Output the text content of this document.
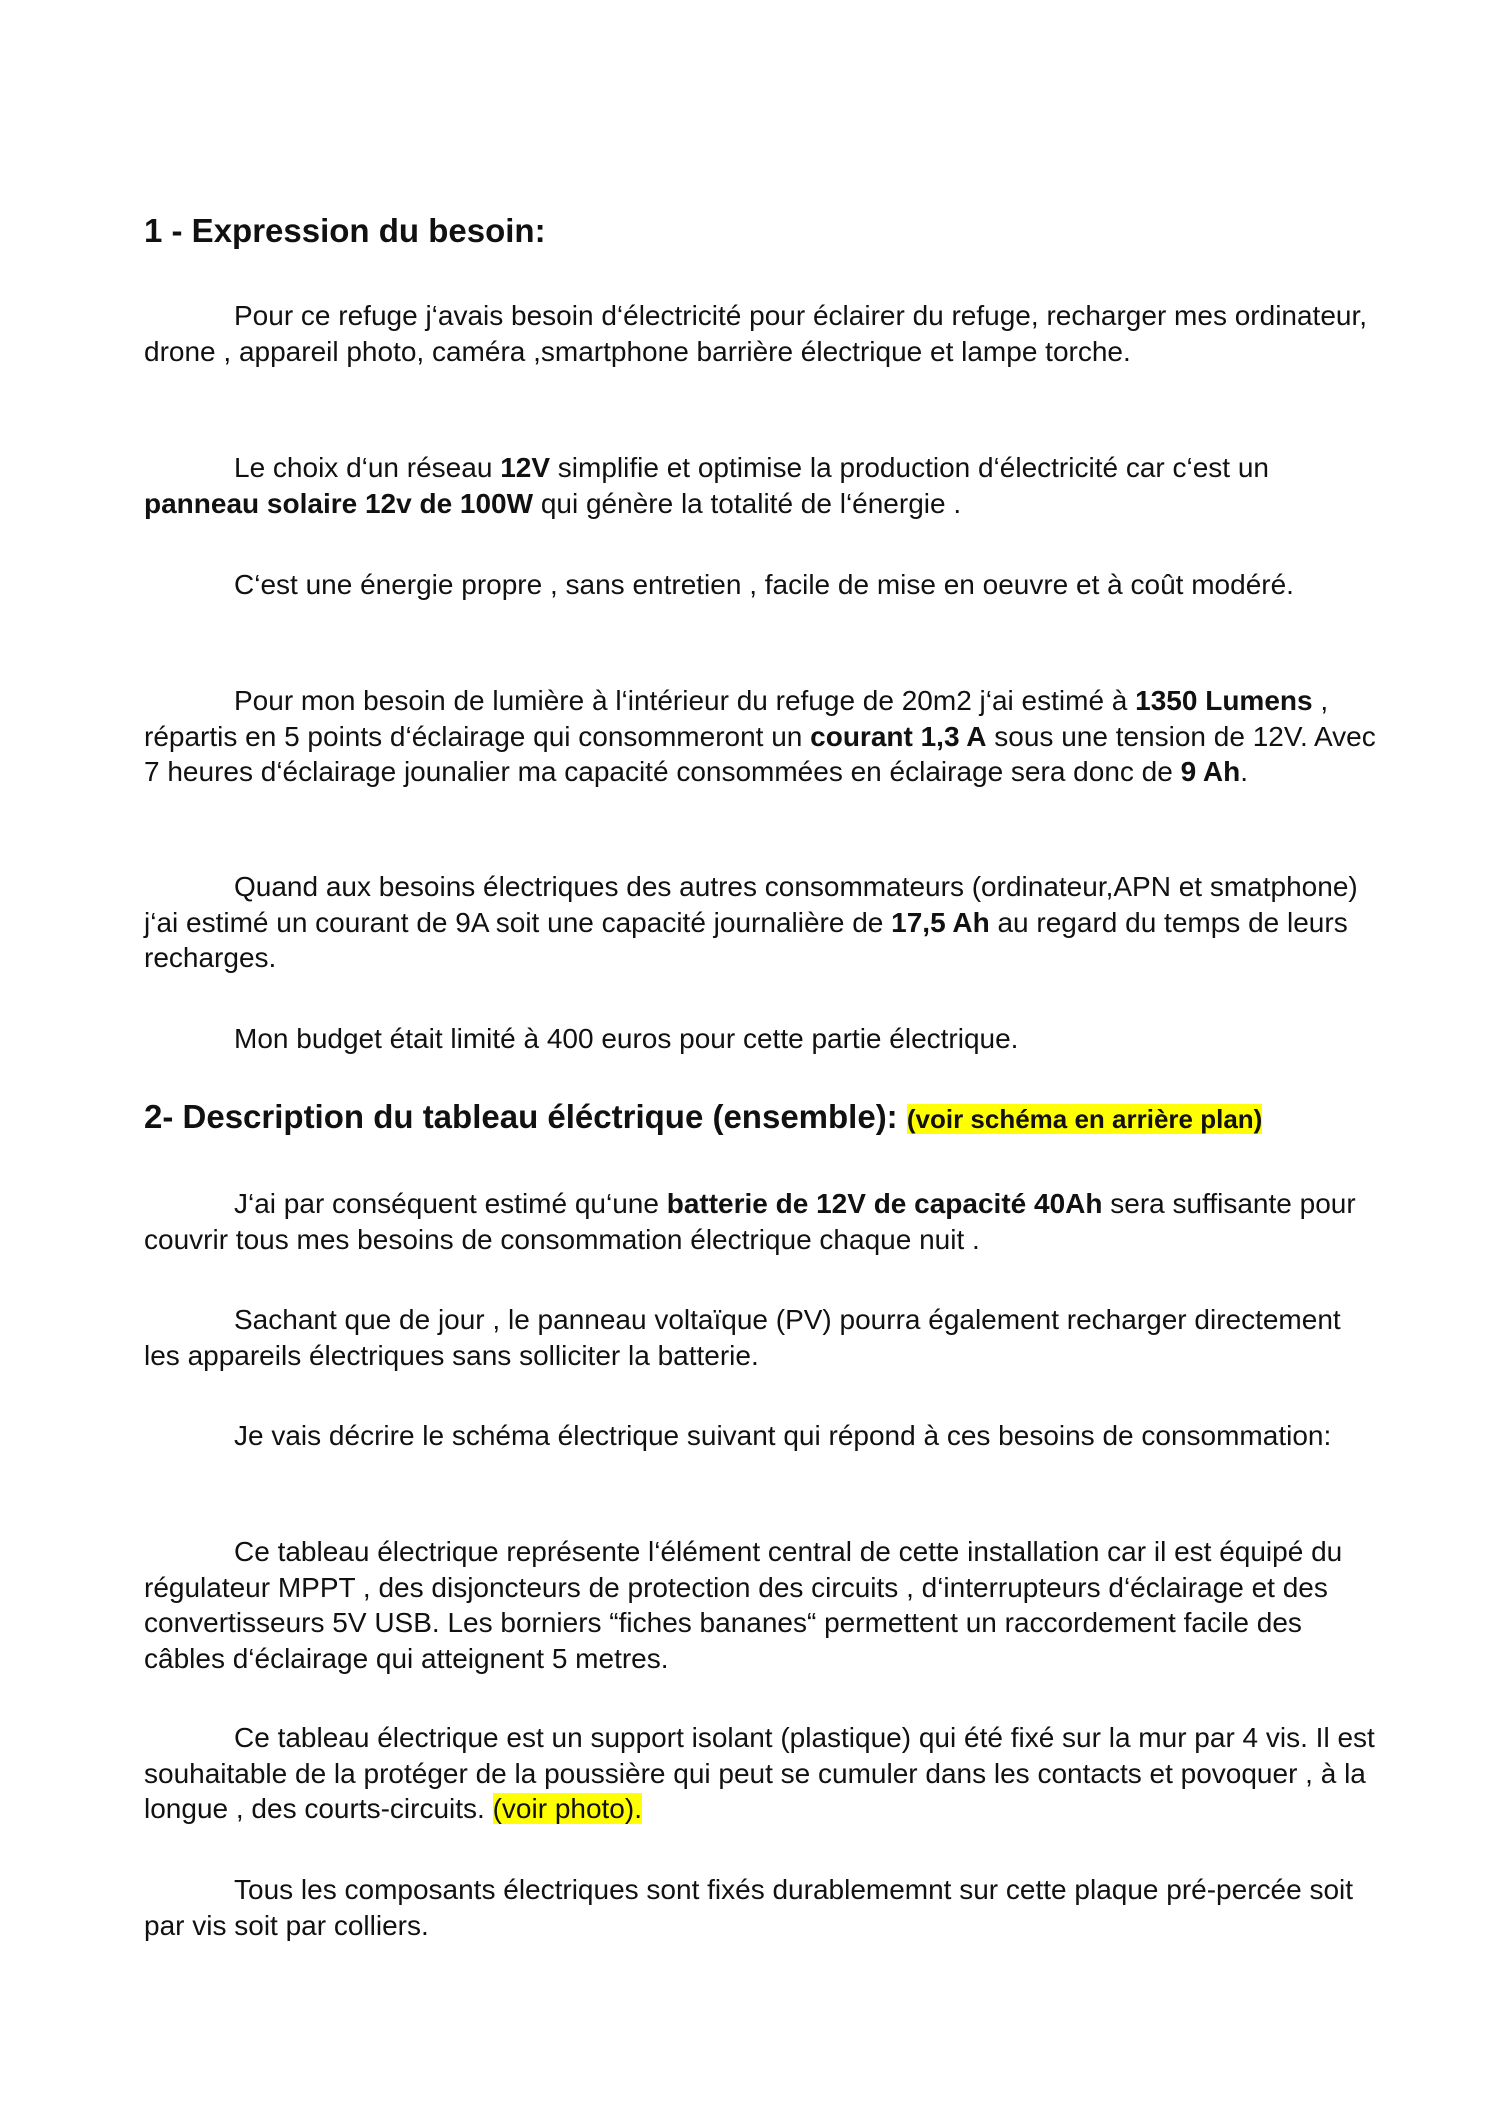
1 - Expression du besoin:

Pour ce refuge j‘avais besoin d‘électricité pour éclairer du refuge, recharger mes ordinateur, drone , appareil photo, caméra ,smartphone barrière électrique et lampe torche.

Le choix d‘un réseau 12V simplifie et optimise la production d‘électricité car c‘est un panneau solaire 12v de 100W qui génère la totalité de l‘énergie .

C‘est une énergie propre , sans entretien , facile de mise en oeuvre et à coût modéré.

Pour mon besoin de lumière à l‘intérieur du refuge de 20m2 j‘ai estimé à 1350 Lumens , répartis en 5 points d‘éclairage qui consommeront un courant 1,3 A sous une tension de 12V. Avec 7 heures d‘éclairage jounalier ma capacité consommées en éclairage sera donc de 9 Ah.

Quand aux besoins électriques des autres consommateurs (ordinateur,APN et smatphone) j‘ai estimé un courant de 9A soit une capacité journalière de 17,5 Ah au regard du temps de leurs recharges.

Mon budget était limité à 400 euros pour cette partie électrique.

2- Description du tableau éléctrique (ensemble): (voir schéma en arrière plan)

J‘ai par conséquent estimé qu‘une batterie de 12V de capacité 40Ah sera suffisante pour couvrir tous mes besoins de consommation électrique chaque nuit .

Sachant que de jour , le panneau voltaïque (PV) pourra également recharger directement les appareils électriques sans solliciter la batterie.

Je vais décrire le schéma électrique suivant qui répond à ces besoins de consommation:

Ce tableau électrique représente l‘élément central de cette installation car il est équipé du régulateur MPPT , des disjoncteurs de protection des circuits , d‘interrupteurs d‘éclairage et des convertisseurs 5V USB. Les borniers “fiches bananes“ permettent un raccordement facile des câbles d‘éclairage qui atteignent 5 metres.

Ce tableau électrique est un support isolant (plastique) qui été fixé sur la mur par 4 vis. Il est souhaitable de la protéger de la poussière qui peut se cumuler dans les contacts et povoquer , à la longue , des courts-circuits. (voir photo).

Tous les composants électriques sont fixés durablememnt sur cette plaque pré-percée soit par vis soit par colliers.
